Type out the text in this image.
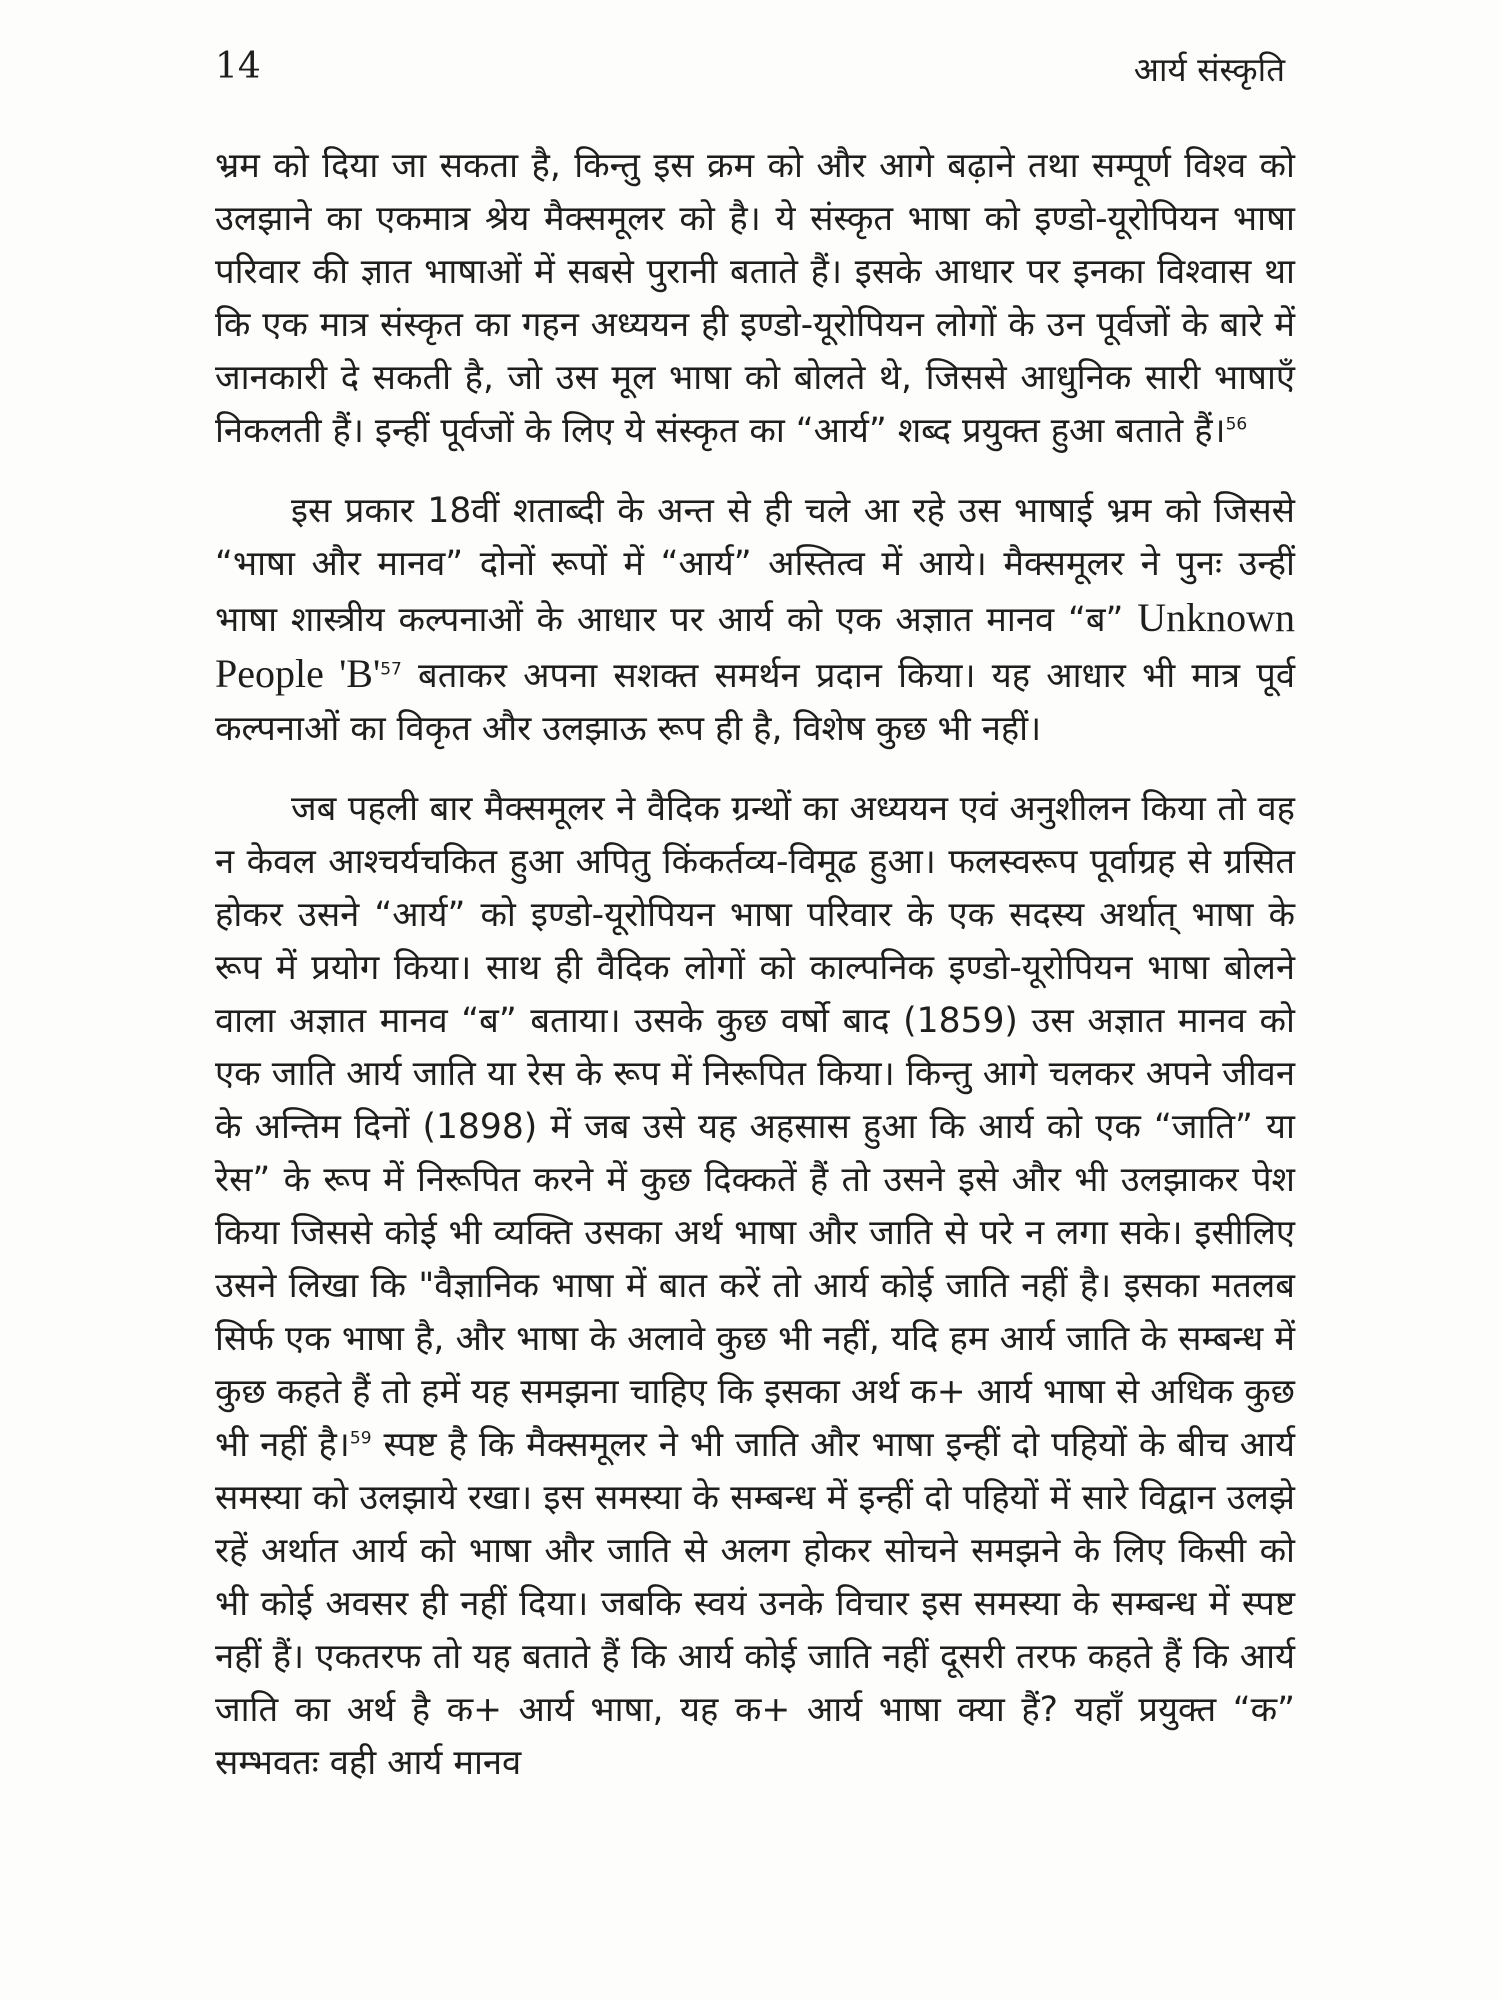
14	आर्य संस्कृति

भ्रम को दिया जा सकता है, किन्तु इस क्रम को और आगे बढ़ाने तथा सम्पूर्ण विश्व को उलझाने का एकमात्र श्रेय मैक्समूलर को है। ये संस्कृत भाषा को इण्डो-यूरोपियन भाषा परिवार की ज्ञात भाषाओं में सबसे पुरानी बताते हैं। इसके आधार पर इनका विश्वास था कि एक मात्र संस्कृत का गहन अध्ययन ही इण्डो-यूरोपियन लोगों के उन पूर्वजों के बारे में जानकारी दे सकती है, जो उस मूल भाषा को बोलते थे, जिससे आधुनिक सारी भाषाएँ निकलती हैं। इन्हीं पूर्वजों के लिए ये संस्कृत का “आर्य” शब्द प्रयुक्त हुआ बताते हैं।$^{56}$

इस प्रकार 18वीं शताब्दी के अन्त से ही चले आ रहे उस भाषाई भ्रम को जिससे “भाषा और मानव” दोनों रूपों में “आर्य” अस्तित्व में आये। मैक्समूलर ने पुनः उन्हीं भाषा शास्त्रीय कल्पनाओं के आधार पर आर्य को एक अज्ञात मानव “ब” Unknown People '$B'^{57}$ बताकर अपना सशक्त समर्थन प्रदान किया। यह आधार भी मात्र पूर्व कल्पनाओं का विकृत और उलझाऊ रूप ही है, विशेष कुछ भी नहीं।

जब पहली बार मैक्समूलर ने वैदिक ग्रन्थों का अध्ययन एवं अनुशीलन किया तो वह न केवल आश्चर्यचकित हुआ अपितु किंकर्तव्य-विमूढ हुआ। फलस्वरूप पूर्वाग्रह से ग्रसित होकर उसने “आर्य” को इण्डो-यूरोपियन भाषा परिवार के एक सदस्य अर्थात् भाषा के रूप में प्रयोग किया। साथ ही वैदिक लोगों को काल्पनिक इण्डो-यूरोपियन भाषा बोलने वाला अज्ञात मानव “ब” बताया। उसके कुछ वर्षो बाद (1859) उस अज्ञात मानव को एक जाति आर्य जाति या रेस के रूप में निरूपित किया। किन्तु आगे चलकर अपने जीवन के अन्तिम दिनों (1898) में जब उसे यह अहसास हुआ कि आर्य को एक “जाति” या रेस” के रूप में निरूपित करने में कुछ दिक्कतें हैं तो उसने इसे और भी उलझाकर पेश किया जिससे कोई भी व्यक्ति उसका अर्थ भाषा और जाति से परे न लगा सके। इसीलिए उसने लिखा कि "वैज्ञानिक भाषा में बात करें तो आर्य कोई जाति नहीं है। इसका मतलब सिर्फ एक भाषा है, और भाषा के अलावे कुछ भी नहीं, यदि हम आर्य जाति के सम्बन्ध में कुछ कहते हैं तो हमें यह समझना चाहिए कि इसका अर्थ क+ आर्य भाषा से अधिक कुछ भी नहीं है।$^{59}$ स्पष्ट है कि मैक्समूलर ने भी जाति और भाषा इन्हीं दो पहियों के बीच आर्य समस्या को उलझाये रखा। इस समस्या के सम्बन्ध में इन्हीं दो पहियों में सारे विद्वान उलझे रहें अर्थात आर्य को भाषा और जाति से अलग होकर सोचने समझने के लिए किसी को भी कोई अवसर ही नहीं दिया। जबकि स्वयं उनके विचार इस समस्या के सम्बन्ध में स्पष्ट नहीं हैं। एकतरफ तो यह बताते हैं कि आर्य कोई जाति नहीं दूसरी तरफ कहते हैं कि आर्य जाति का अर्थ है क+ आर्य भाषा, यह क+ आर्य भाषा क्या हैं? यहाँ प्रयुक्त “क” सम्भवतः वही आर्य मानव
